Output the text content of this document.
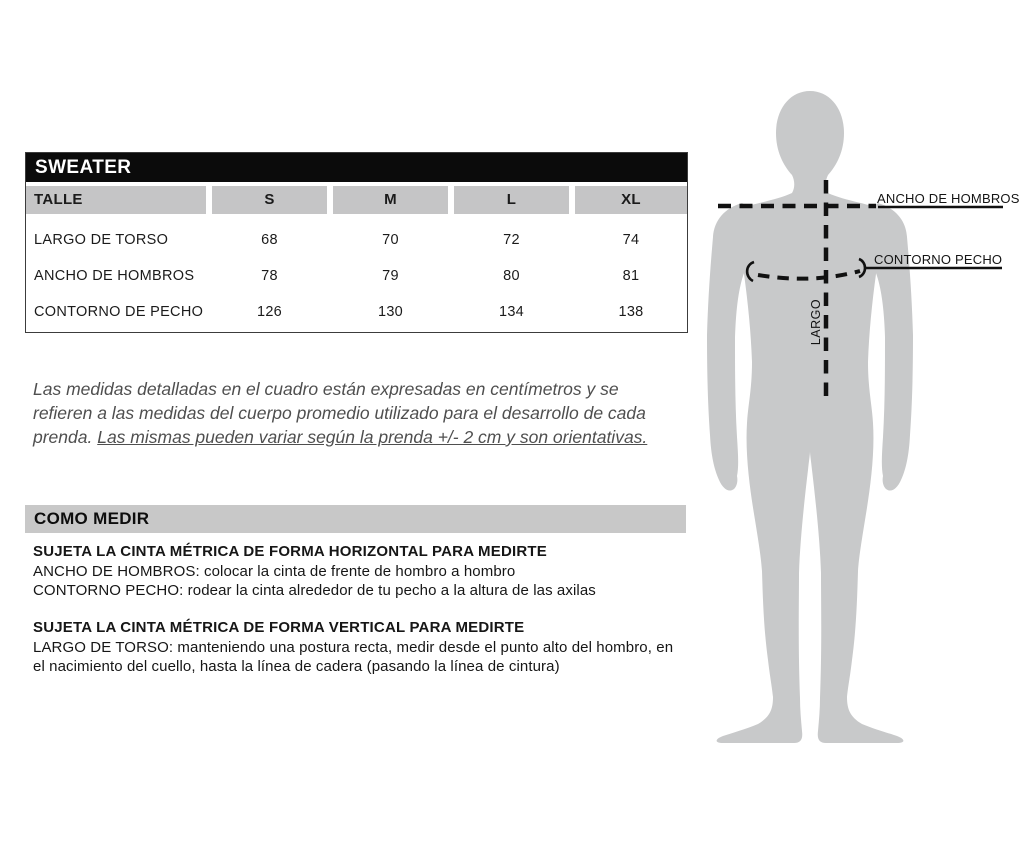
SWEATER
TALLE	S	M	L	XL
LARGO DE TORSO	68	70	72	74
ANCHO DE HOMBROS	78	79	80	81
CONTORNO DE PECHO	126	130	134	138

Las medidas detalladas en el cuadro están expresadas en centímetros y se refieren a las medidas del cuerpo promedio utilizado para el desarrollo de cada prenda. Las mismas pueden variar según la prenda +/- 2 cm y son orientativas.

COMO MEDIR
SUJETA LA CINTA MÉTRICA DE FORMA HORIZONTAL PARA MEDIRTE
ANCHO DE HOMBROS: colocar la cinta de frente de hombro a hombro
CONTORNO PECHO: rodear la cinta alrededor de tu pecho a la altura de las axilas
SUJETA LA CINTA MÉTRICA DE FORMA VERTICAL PARA MEDIRTE
LARGO DE TORSO: manteniendo una postura recta, medir desde el punto alto del hombro, en el nacimiento del cuello, hasta la línea de cadera (pasando la línea de cintura)
ANCHO DE HOMBROS
CONTORNO PECHO
LARGO
